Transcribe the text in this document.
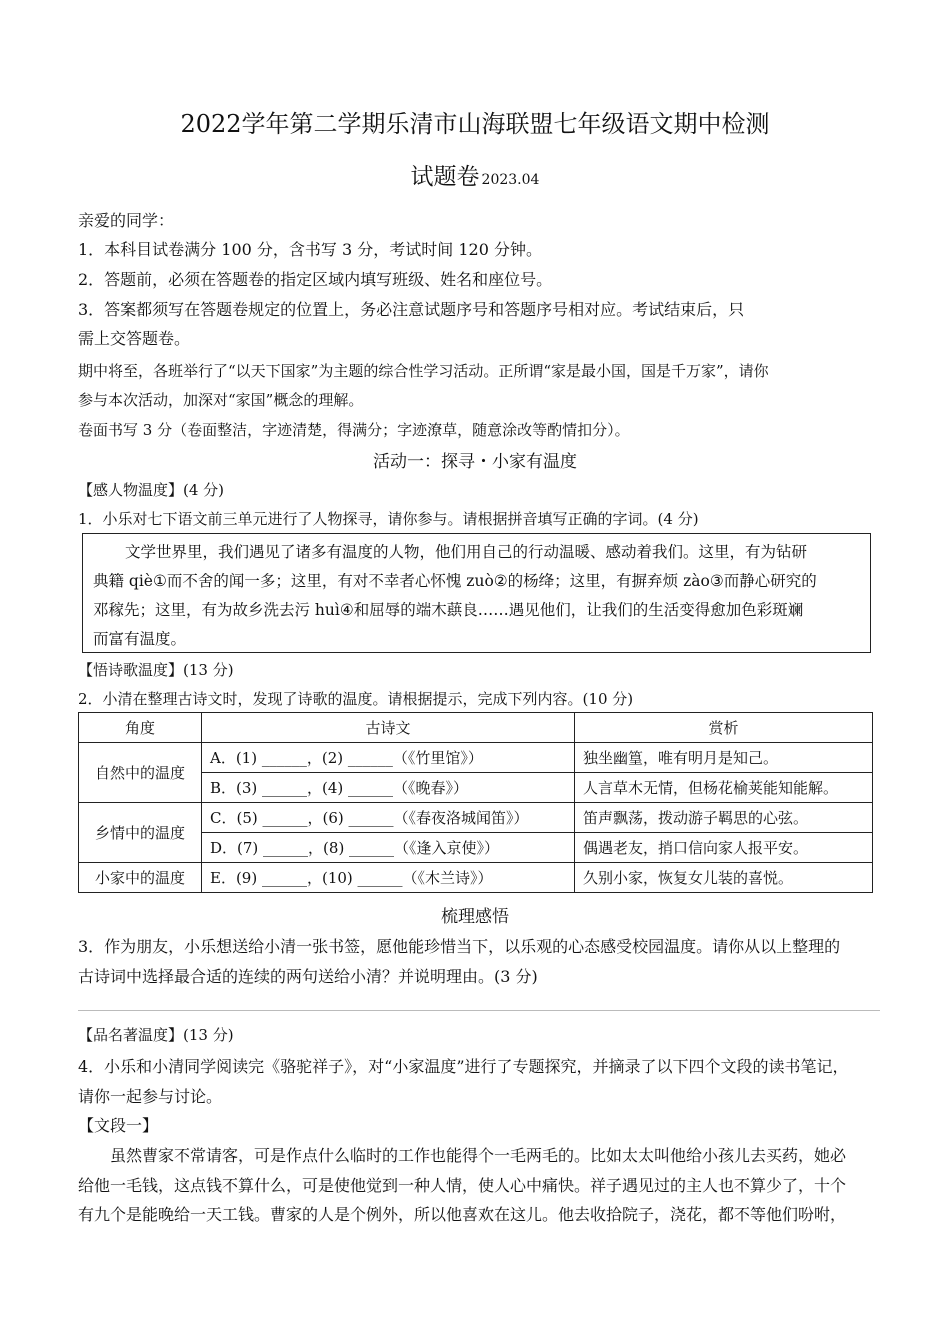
2022学年第二学期乐清市山海联盟七年级语文期中检测
试题卷 2023.04
亲爱的同学：
1．本科目试卷满分 100 分，含书写 3 分，考试时间 120 分钟。
2．答题前，必须在答题卷的指定区域内填写班级、姓名和座位号。
3．答案都须写在答题卷规定的位置上，务必注意试题序号和答题序号相对应。考试结束后，只
需上交答题卷。
期中将至，各班举行了“以天下国家”为主题的综合性学习活动。正所谓“家是最小国，国是千万家”，请你
参与本次活动，加深对“家国”概念的理解。
卷面书写 3 分（卷面整洁，字迹清楚，得满分；字迹潦草，随意涂改等酌情扣分）。
活动一：探寻・小家有温度
【感人物温度】(4 分)
1．小乐对七下语文前三单元进行了人物探寻，请你参与。请根据拼音填写正确的字词。(4 分)
文学世界里，我们遇见了诸多有温度的人物，他们用自己的行动温暖、感动着我们。这里，有为钻研
典籍 qiè①而不舍的闻一多；这里，有对不幸者心怀愧 zuò②的杨绛；这里，有摒弃烦 zào③而静心研究的
邓稼先；这里，有为故乡洗去污 huì④和屈辱的端木蕻良……遇见他们，让我们的生活变得愈加色彩斑斓
而富有温度。
【悟诗歌温度】(13 分)
2．小清在整理古诗文时，发现了诗歌的温度。请根据提示，完成下列内容。(10 分)
角度	古诗文	赏析
自然中的温度	A．(1) ______，(2) ______（《竹里馆》）	独坐幽篁，唯有明月是知己。
	B．(3) ______，(4) ______（《晚春》）	人言草木无情，但杨花榆荚能知能解。
乡情中的温度	C．(5) ______，(6) ______（《春夜洛城闻笛》）	笛声飘荡，拨动游子羁思的心弦。
	D．(7) ______，(8) ______（《逢入京使》）	偶遇老友，捎口信向家人报平安。
小家中的温度	E．(9) ______，(10) ______（《木兰诗》）	久别小家，恢复女儿装的喜悦。
梳理感悟
3．作为朋友，小乐想送给小清一张书签，愿他能珍惜当下，以乐观的心态感受校园温度。请你从以上整理的
古诗词中选择最合适的连续的两句送给小清？并说明理由。(3 分)
【品名著温度】(13 分)
4．小乐和小清同学阅读完《骆驼祥子》，对“小家温度”进行了专题探究，并摘录了以下四个文段的读书笔记，
请你一起参与讨论。
【文段一】
虽然曹家不常请客，可是作点什么临时的工作也能得个一毛两毛的。比如太太叫他给小孩儿去买药，她必
给他一毛钱，这点钱不算什么，可是使他觉到一种人情，使人心中痛快。祥子遇见过的主人也不算少了，十个
有九个是能晚给一天工钱。曹家的人是个例外，所以他喜欢在这儿。他去收拾院子，浇花，都不等他们吩咐，
